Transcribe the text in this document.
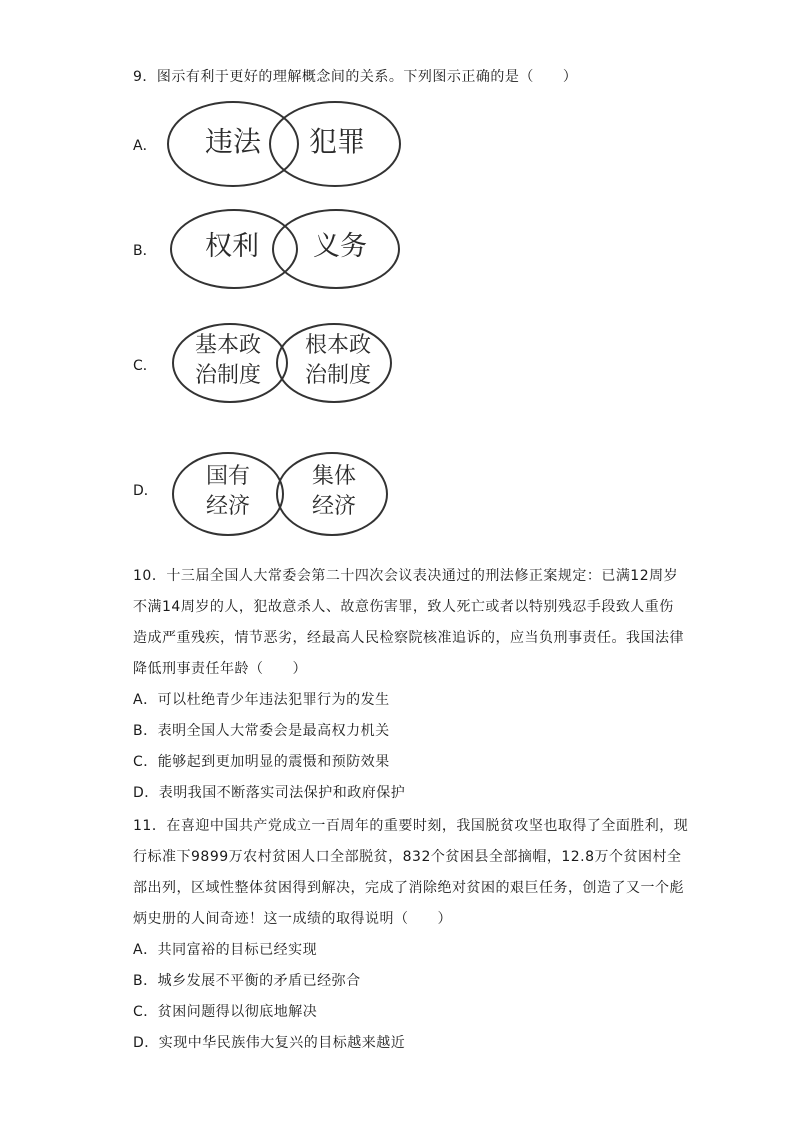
9．图示有利于更好的理解概念间的关系。下列图示正确的是（　　）
A．	违法	犯罪
B．	权利	义务
C．
基本政
治制度
根本政
治制度
D．
国有
经济
集体
经济
10．十三届全国人大常委会第二十四次会议表决通过的刑法修正案规定：已满12周岁
不满14周岁的人，犯故意杀人、故意伤害罪，致人死亡或者以特别残忍手段致人重伤
造成严重残疾，情节恶劣，经最高人民检察院核准追诉的，应当负刑事责任。我国法律
降低刑事责任年龄（　　）
A．可以杜绝青少年违法犯罪行为的发生
B．表明全国人大常委会是最高权力机关
C．能够起到更加明显的震慑和预防效果
D．表明我国不断落实司法保护和政府保护
11．在喜迎中国共产党成立一百周年的重要时刻，我国脱贫攻坚也取得了全面胜利，现
行标准下9899万农村贫困人口全部脱贫，832个贫困县全部摘帽，12.8万个贫困村全
部出列，区域性整体贫困得到解决，完成了消除绝对贫困的艰巨任务，创造了又一个彪
炳史册的人间奇迹！这一成绩的取得说明（　　）
A．共同富裕的目标已经实现
B．城乡发展不平衡的矛盾已经弥合
C．贫困问题得以彻底地解决
D．实现中华民族伟大复兴的目标越来越近
